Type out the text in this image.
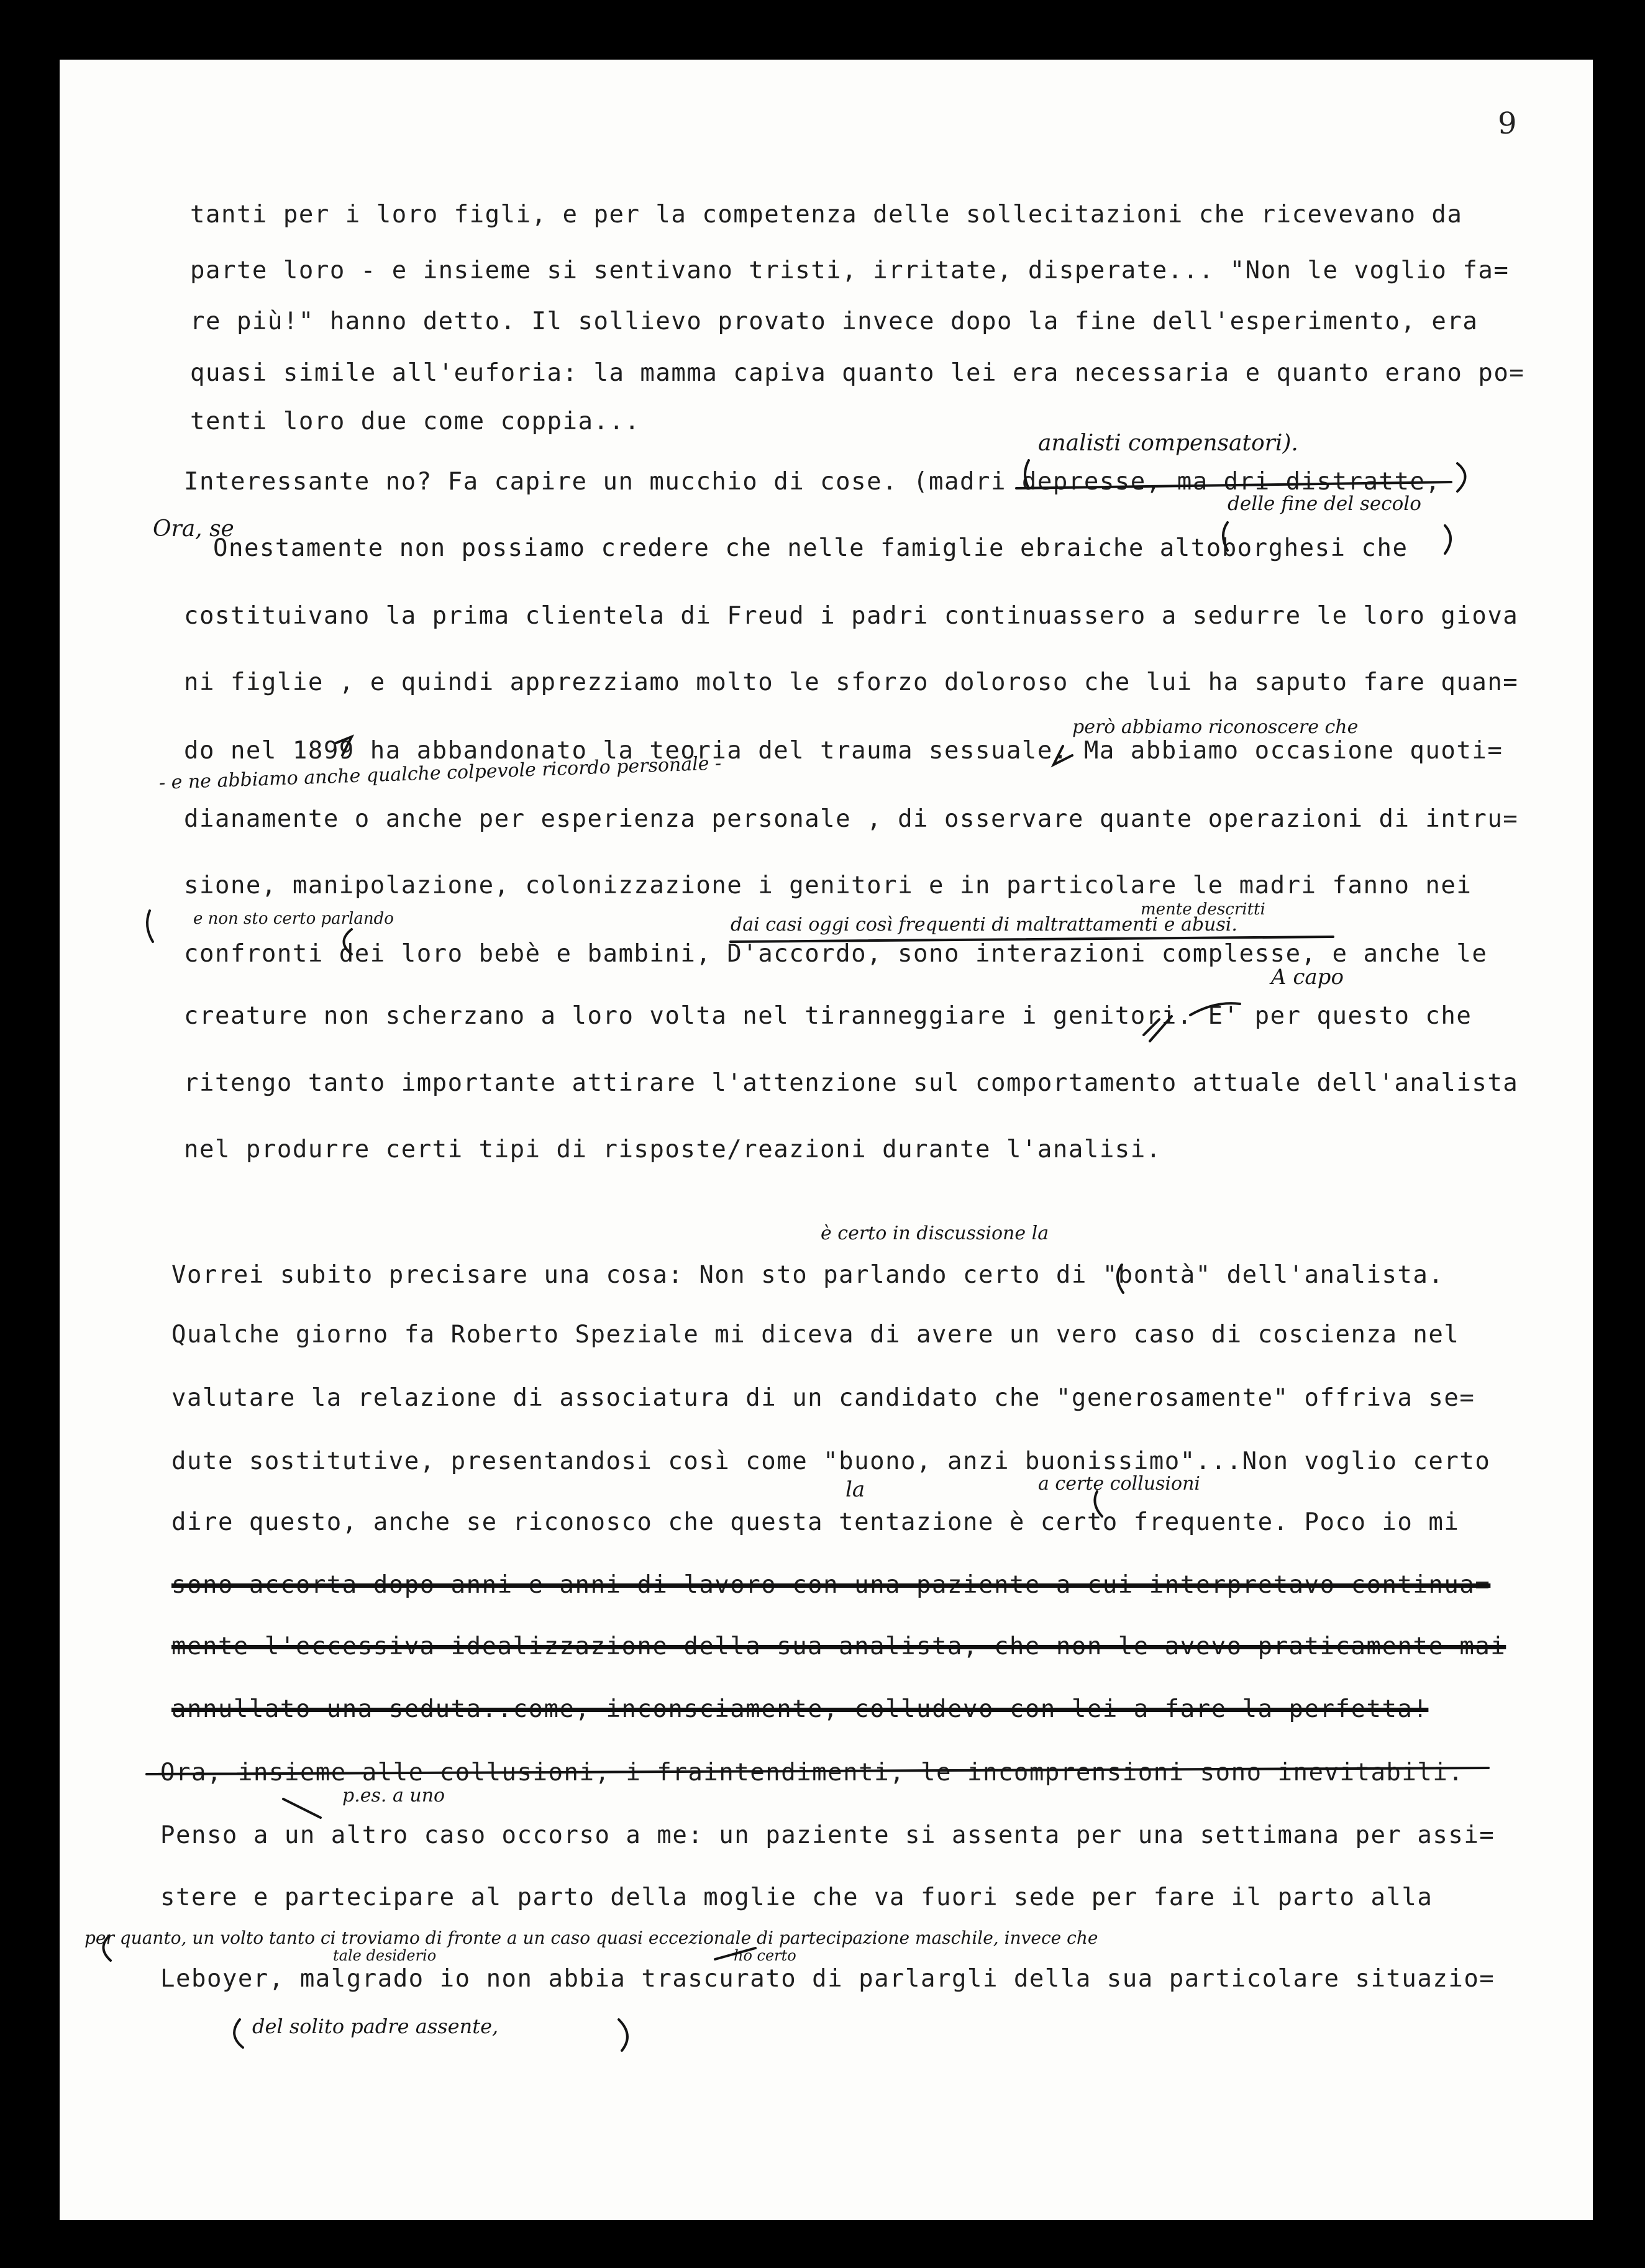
9
tanti per i loro figli, e per la competenza delle sollecitazioni che ricevevano da
parte loro - e insieme si sentivano tristi, irritate, disperate... "Non le voglio fa=
re più!" hanno detto. Il sollievo provato invece dopo la fine dell'esperimento, era
quasi simile all'euforia: la mamma capiva quanto lei era necessaria e quanto erano po=
tenti loro due come coppia...
Interessante no? Fa capire un mucchio di cose. (madri depresse, ma dri distratte,
Onestamente non possiamo credere che nelle famiglie ebraiche altoborghesi che
costituivano la prima clientela di Freud i padri continuassero a sedurre le loro giova
ni figlie , e quindi apprezziamo molto le sforzo doloroso che lui ha saputo fare quan=
do nel 1899 ha abbandonato la teoria del trauma sessuale. Ma abbiamo occasione quoti=
dianamente o anche per esperienza personale , di osservare quante operazioni di intru=
sione, manipolazione, colonizzazione i genitori e in particolare le madri fanno nei
confronti dei loro bebè e bambini, D'accordo, sono interazioni complesse, e anche le
creature non scherzano a loro volta nel tiranneggiare i genitori. E' per questo che
ritengo tanto importante attirare l'attenzione sul comportamento attuale dell'analista
nel produrre certi tipi di risposte/reazioni durante l'analisi.
Vorrei subito precisare una cosa: Non sto parlando certo di "bontà" dell'analista.
Qualche giorno fa Roberto Speziale mi diceva di avere un vero caso di coscienza nel
valutare la relazione di associatura di un candidato che "generosamente" offriva se=
dute sostitutive, presentandosi così come "buono, anzi buonissimo"...Non voglio certo
dire questo, anche se riconosco che questa tentazione è certo frequente. Poco io mi
sono accorta dopo anni e anni di lavoro con una paziente a cui interpretavo continua=
mente l'eccessiva idealizzazione della sua analista, che non le avevo praticamente mai
annullato una seduta..come, inconsciamente, colludevo con lei a fare la perfetta!
Ora, insieme alle collusioni, i fraintendimenti, le incomprensioni sono inevitabili.
Penso a un altro caso occorso a me: un paziente si assenta per una settimana per assi=
stere e partecipare al parto della moglie che va fuori sede per fare il parto alla
Leboyer, malgrado io non abbia trascurato di parlargli della sua particolare situazio=
analisti compensatori).
delle fine del secolo
Ora, se
però abbiamo riconoscere che
- e ne abbiamo anche qualche colpevole ricordo personale -
e non sto certo parlando	mente descritti
dai casi oggi così frequenti di maltrattamenti e abusi.
A capo
è certo in discussione la
la	a certe collusioni
p.es. a uno
per quanto, un volto tanto ci troviamo di fronte a un caso quasi eccezionale di partecipazione maschile, invece che
tale desiderio	ho certo
del solito padre assente,
